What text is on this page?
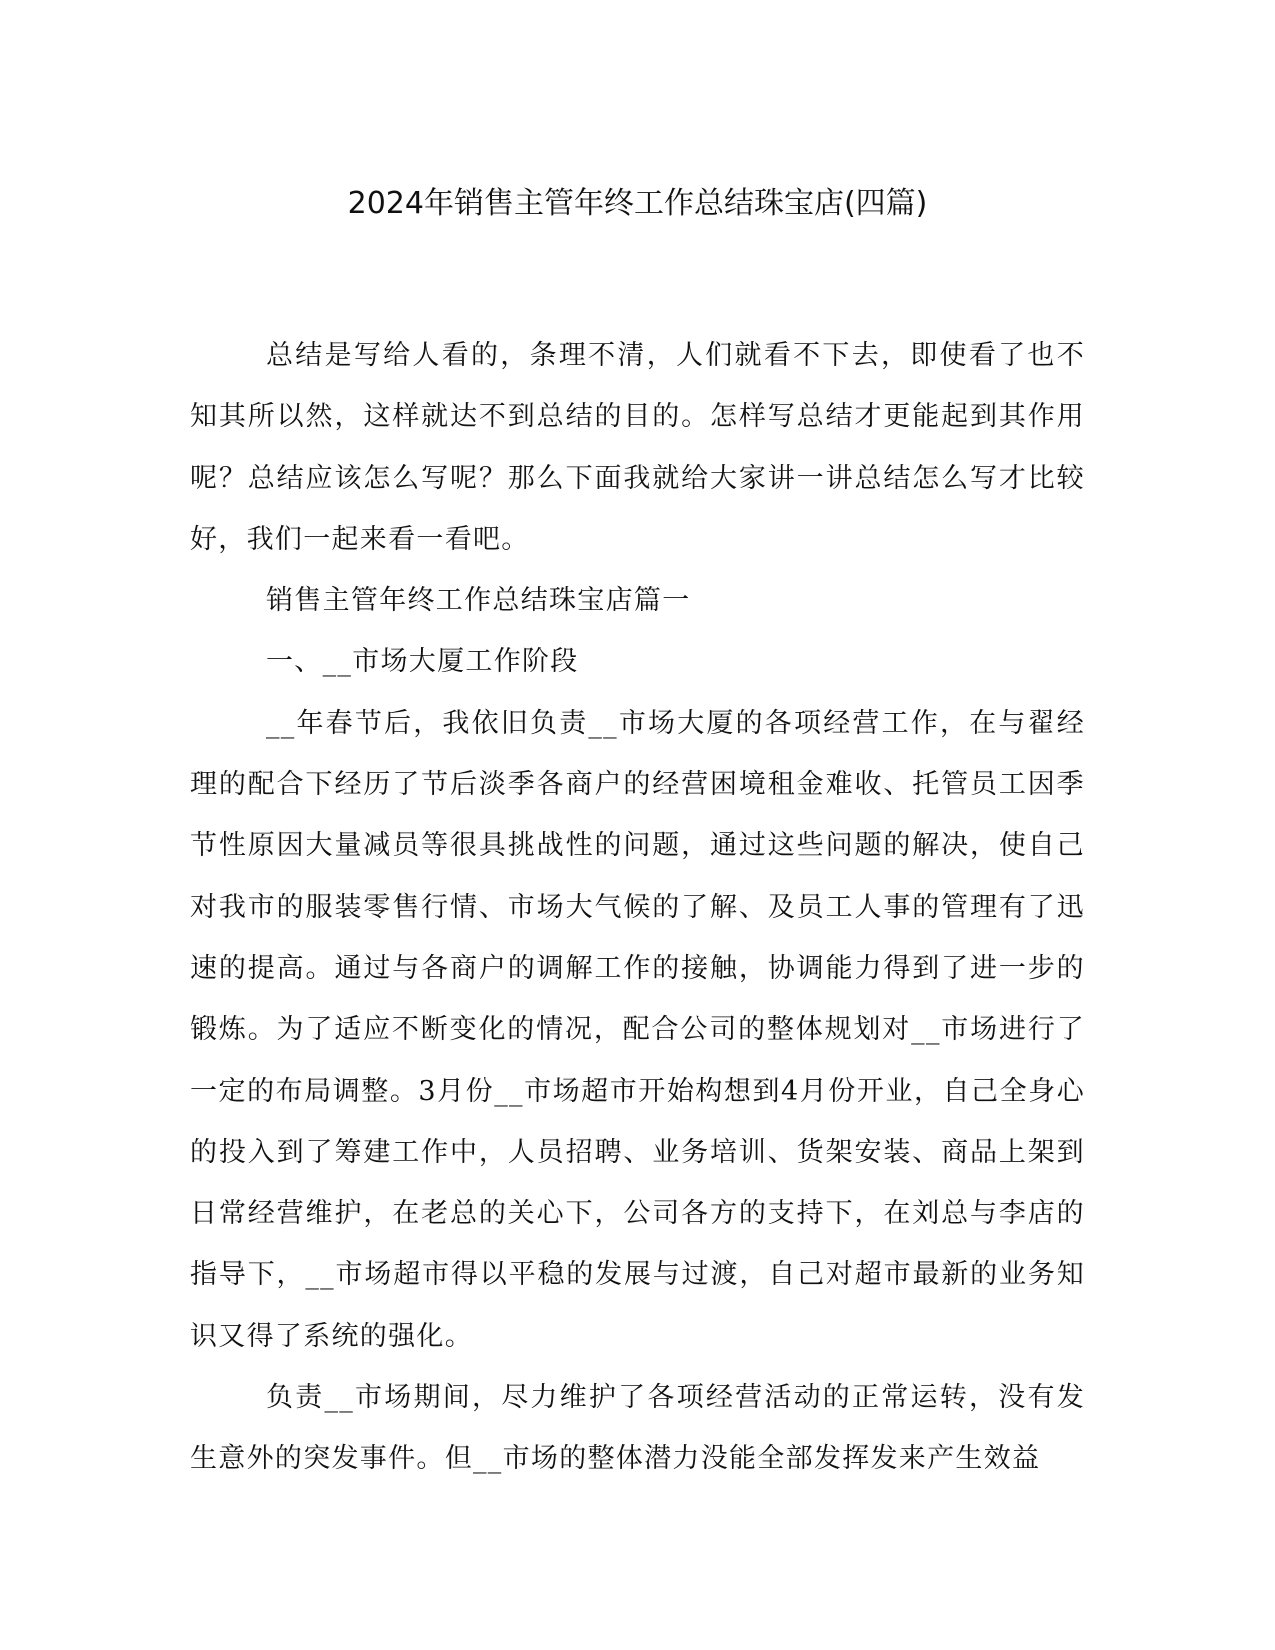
2024年销售主管年终工作总结珠宝店(四篇)

总结是写给人看的，条理不清，人们就看不下去，即使看了也不知其所以然，这样就达不到总结的目的。怎样写总结才更能起到其作用呢？总结应该怎么写呢？那么下面我就给大家讲一讲总结怎么写才比较好，我们一起来看一看吧。

销售主管年终工作总结珠宝店篇一

一、__市场大厦工作阶段

__年春节后，我依旧负责__市场大厦的各项经营工作，在与翟经理的配合下经历了节后淡季各商户的经营困境租金难收、托管员工因季节性原因大量减员等很具挑战性的问题，通过这些问题的解决，使自己对我市的服装零售行情、市场大气候的了解、及员工人事的管理有了迅速的提高。通过与各商户的调解工作的接触，协调能力得到了进一步的锻炼。为了适应不断变化的情况，配合公司的整体规划对__市场进行了一定的布局调整。3月份__市场超市开始构想到4月份开业，自己全身心的投入到了筹建工作中，人员招聘、业务培训、货架安装、商品上架到日常经营维护，在老总的关心下，公司各方的支持下，在刘总与李店的指导下，__市场超市得以平稳的发展与过渡，自己对超市最新的业务知识又得了系统的强化。

负责__市场期间，尽力维护了各项经营活动的正常运转，没有发生意外的突发事件。但__市场的整体潜力没能全部发挥发来产生效益
